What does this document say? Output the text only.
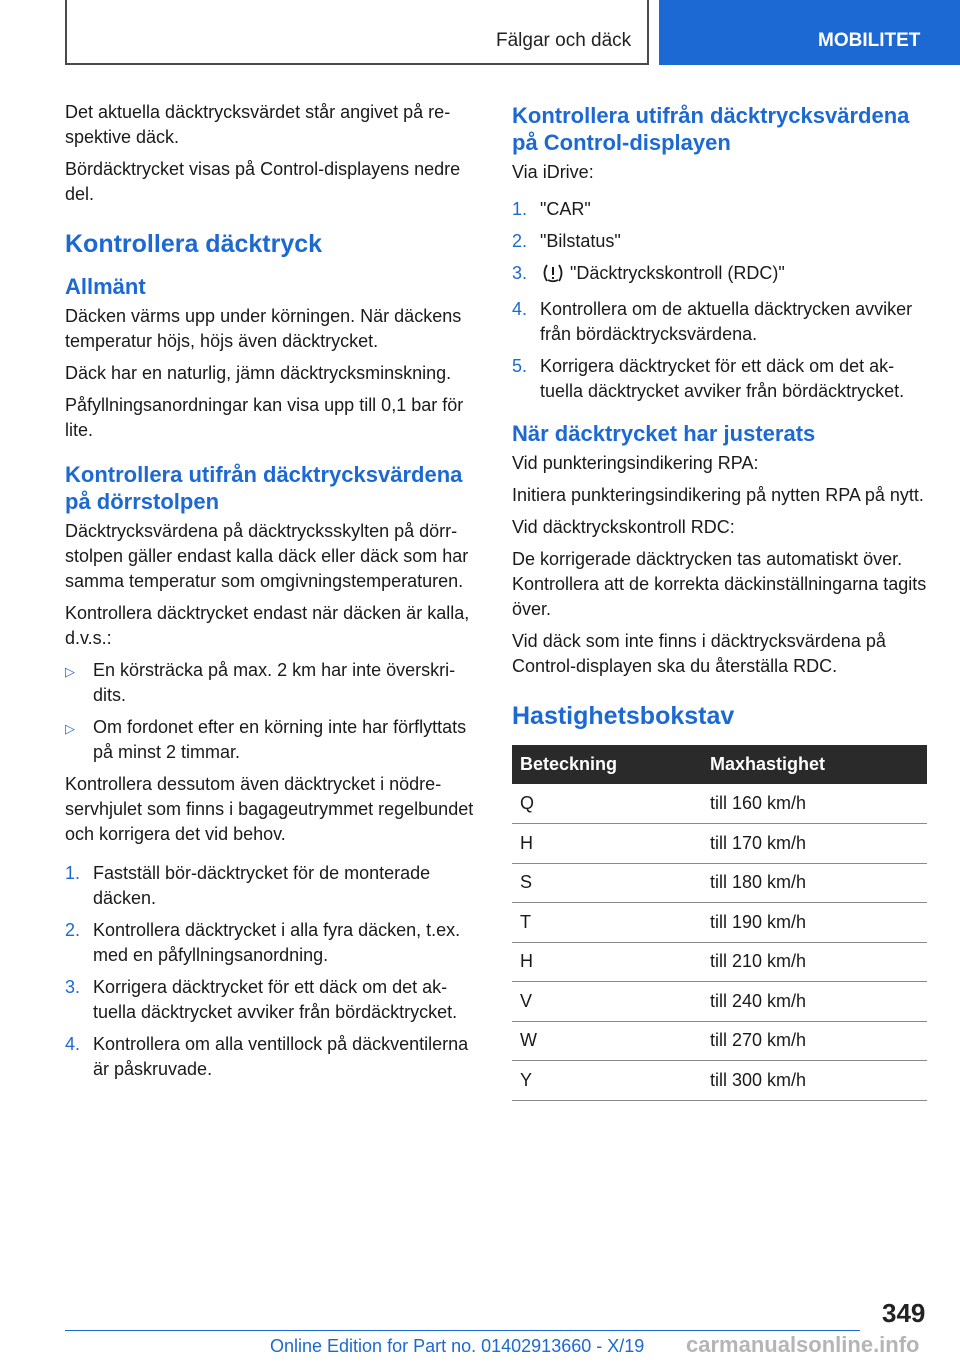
Fälgar och däck	MOBILITET
Det aktuella däcktrycksvärdet står angivet på respektive däck.
Bördäcktrycket visas på Control-displayens nedre del.
Kontrollera däcktryck
Allmänt
Däcken värms upp under körningen. När däckens temperatur höjs, höjs även däcktrycket.
Däck har en naturlig, jämn däcktrycksminskning.
Påfyllningsanordningar kan visa upp till 0,1 bar för lite.
Kontrollera utifrån däcktrycksvärdena på dörrstolpen
Däcktrycksvärdena på däcktrycksskylten på dörrstolpen gäller endast kalla däck eller däck som har samma temperatur som omgivningstemperaturen.
Kontrollera däcktrycket endast när däcken är kalla, d.v.s.:
▷ En körsträcka på max. 2 km har inte överskridits.
▷ Om fordonet efter en körning inte har förflyttats på minst 2 timmar.
Kontrollera dessutom även däcktrycket i nödreservhjulet som finns i bagageutrymmet regelbundet och korrigera det vid behov.
1. Fastställ bör-däcktrycket för de monterade däcken.
2. Kontrollera däcktrycket i alla fyra däcken, t.ex. med en påfyllningsanordning.
3. Korrigera däcktrycket för ett däck om det aktuella däcktrycket avviker från bördäcktrycket.
4. Kontrollera om alla ventillock på däckventilerna är påskruvade.
Kontrollera utifrån däcktrycksvärdena på Control-displayen
Via iDrive:
1. "CAR"
2. "Bilstatus"
3. "Däcktryckskontroll (RDC)"
4. Kontrollera om de aktuella däcktrycken avviker från bördäcktrycksvärdena.
5. Korrigera däcktrycket för ett däck om det aktuella däcktrycket avviker från bördäcktrycket.
När däcktrycket har justerats
Vid punkteringsindikering RPA:
Initiera punkteringsindikering på nytten RPA på nytt.
Vid däcktryckskontroll RDC:
De korrigerade däcktrycken tas automatiskt över. Kontrollera att de korrekta däckinställningarna tagits över.
Vid däck som inte finns i däcktrycksvärdena på Control-displayen ska du återställa RDC.
Hastighetsbokstav
Beteckning	Maxhastighet
Q	till 160 km/h
H	till 170 km/h
S	till 180 km/h
T	till 190 km/h
H	till 210 km/h
V	till 240 km/h
W	till 270 km/h
Y	till 300 km/h
349
Online Edition for Part no. 01402913660 - X/19 carmanualsonline.info
